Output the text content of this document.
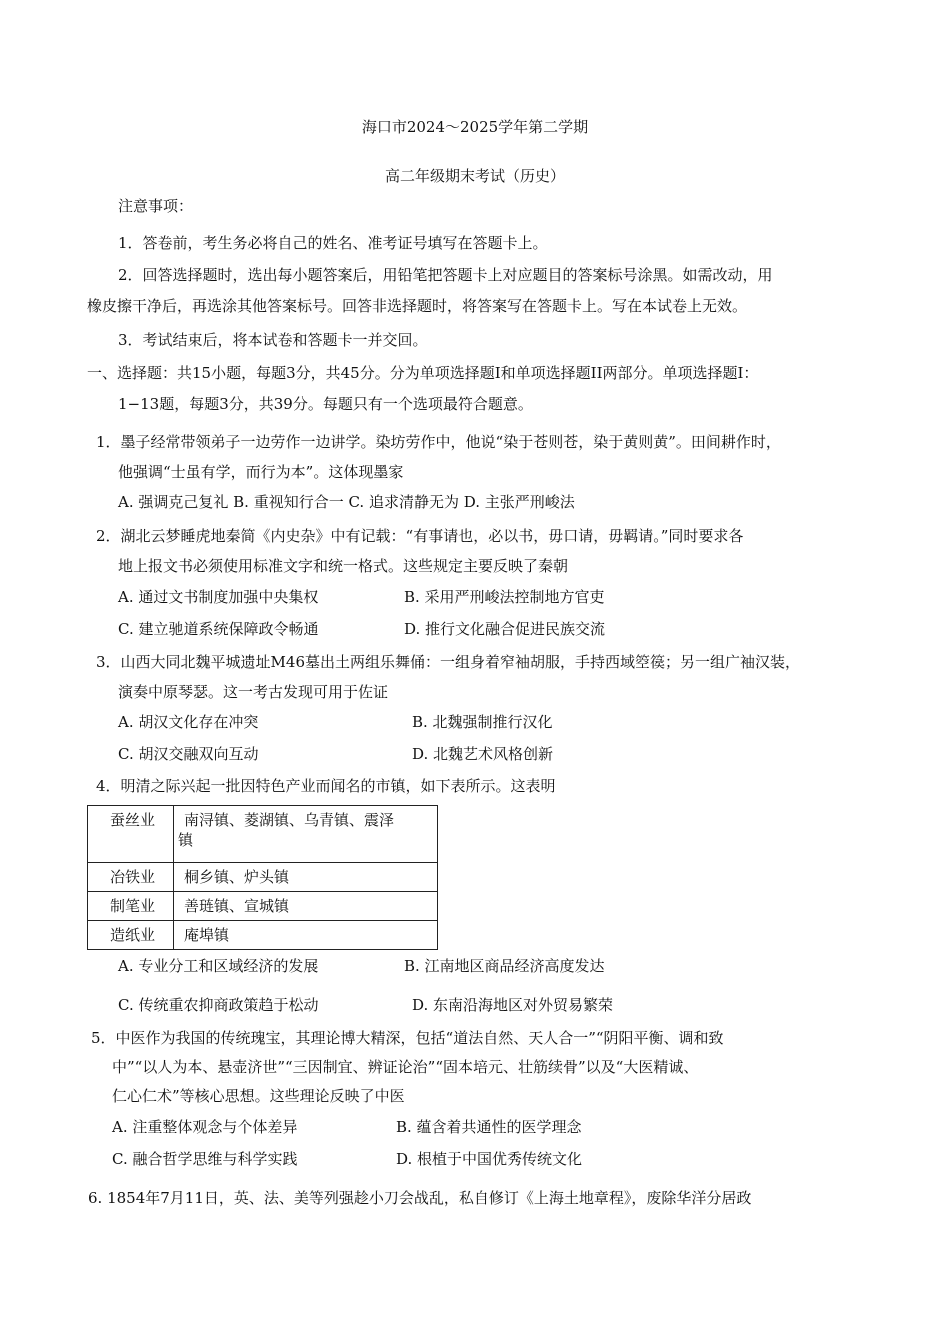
海口市2024～2025学年第二学期
高二年级期末考试（历史）
注意事项：
1．答卷前，考生务必将自己的姓名、准考证号填写在答题卡上。
2．回答选择题时，选出每小题答案后，用铅笔把答题卡上对应题目的答案标号涂黑。如需改动，用
橡皮擦干净后，再选涂其他答案标号。回答非选择题时，将答案写在答题卡上。写在本试卷上无效。
3．考试结束后，将本试卷和答题卡一并交回。
一、选择题：共15小题，每题3分，共45分。分为单项选择题I和单项选择题II两部分。单项选择题I：
1−13题，每题3分，共39分。每题只有一个选项最符合题意。
1．墨子经常带领弟子一边劳作一边讲学。染坊劳作中，他说“染于苍则苍，染于黄则黄”。田间耕作时，
他强调“士虽有学，而行为本”。这体现墨家
A. 强调克己复礼 B. 重视知行合一 C. 追求清静无为 D. 主张严刑峻法
2．湖北云梦睡虎地秦简《内史杂》中有记载：“有事请也，必以书，毋口请，毋羁请。”同时要求各
地上报文书必须使用标准文字和统一格式。这些规定主要反映了秦朝
A. 通过文书制度加强中央集权	B. 采用严刑峻法控制地方官吏
C. 建立驰道系统保障政令畅通	D. 推行文化融合促进民族交流
3．山西大同北魏平城遗址M46墓出土两组乐舞俑：一组身着窄袖胡服，手持西域箜篌；另一组广袖汉装，
演奏中原琴瑟。这一考古发现可用于佐证
A. 胡汉文化存在冲突	B. 北魏强制推行汉化
C. 胡汉交融双向互动	D. 北魏艺术风格创新
4．明清之际兴起一批因特色产业而闻名的市镇，如下表所示。这表明
蚕丝业	南浔镇、菱湖镇、乌青镇、震泽
镇

冶铁业	桐乡镇、炉头镇

制笔业	善琏镇、宣城镇

造纸业	庵埠镇
A. 专业分工和区域经济的发展	B. 江南地区商品经济高度发达
C. 传统重农抑商政策趋于松动	D. 东南沿海地区对外贸易繁荣
5．中医作为我国的传统瑰宝，其理论博大精深，包括“道法自然、天人合一”“阴阳平衡、调和致
中”“以人为本、悬壶济世”“三因制宜、辨证论治”“固本培元、壮筋续骨”以及“大医精诚、
仁心仁术”等核心思想。这些理论反映了中医
A. 注重整体观念与个体差异	B. 蕴含着共通性的医学理念
C. 融合哲学思维与科学实践	D. 根植于中国优秀传统文化
6. 1854年7月11日，英、法、美等列强趁小刀会战乱，私自修订《上海土地章程》，废除华洋分居政
